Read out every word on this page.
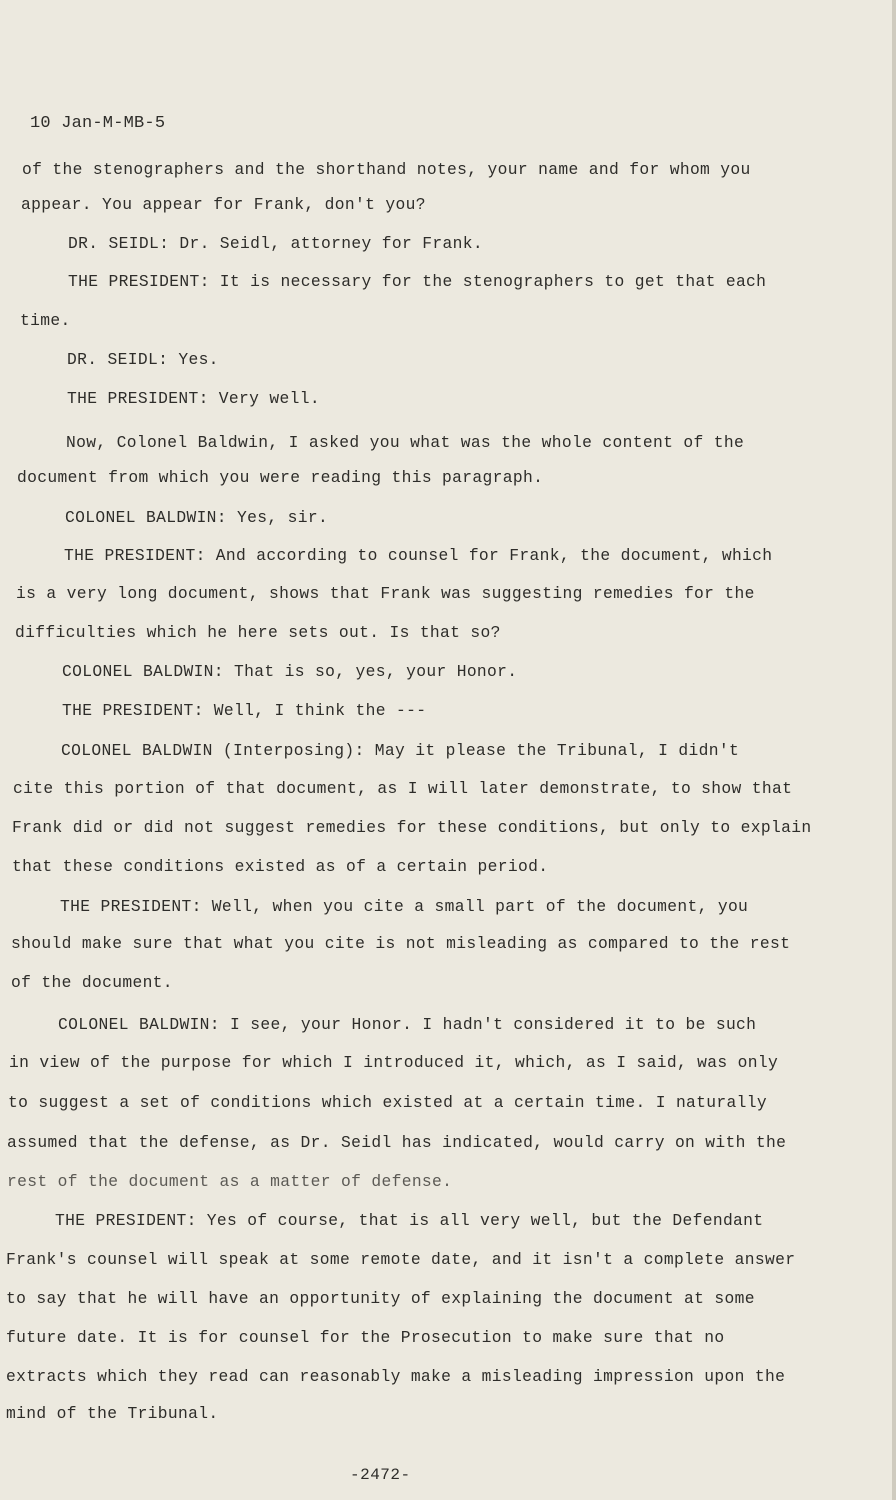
10 Jan-M-MB-5
of the stenographers and the shorthand notes, your name and for whom you
appear. You appear for Frank, don't you?
DR. SEIDL: Dr. Seidl, attorney for Frank.
THE PRESIDENT: It is necessary for the stenographers to get that each
time.
DR. SEIDL: Yes.
THE PRESIDENT: Very well.
Now, Colonel Baldwin, I asked you what was the whole content of the
document from which you were reading this paragraph.
COLONEL BALDWIN: Yes, sir.
THE PRESIDENT: And according to counsel for Frank, the document, which
is a very long document, shows that Frank was suggesting remedies for the
difficulties which he here sets out. Is that so?
COLONEL BALDWIN: That is so, yes, your Honor.
THE PRESIDENT: Well, I think the ---
COLONEL BALDWIN (Interposing): May it please the Tribunal, I didn't
cite this portion of that document, as I will later demonstrate, to show that
Frank did or did not suggest remedies for these conditions, but only to explain
that these conditions existed as of a certain period.
THE PRESIDENT: Well, when you cite a small part of the document, you
should make sure that what you cite is not misleading as compared to the rest
of the document.
COLONEL BALDWIN: I see, your Honor. I hadn't considered it to be such
in view of the purpose for which I introduced it, which, as I said, was only
to suggest a set of conditions which existed at a certain time. I naturally
assumed that the defense, as Dr. Seidl has indicated, would carry on with the
rest of the document as a matter of defense.
THE PRESIDENT: Yes of course, that is all very well, but the Defendant
Frank's counsel will speak at some remote date, and it isn't a complete answer
to say that he will have an opportunity of explaining the document at some
future date. It is for counsel for the Prosecution to make sure that no
extracts which they read can reasonably make a misleading impression upon the
mind of the Tribunal.
-2472-
